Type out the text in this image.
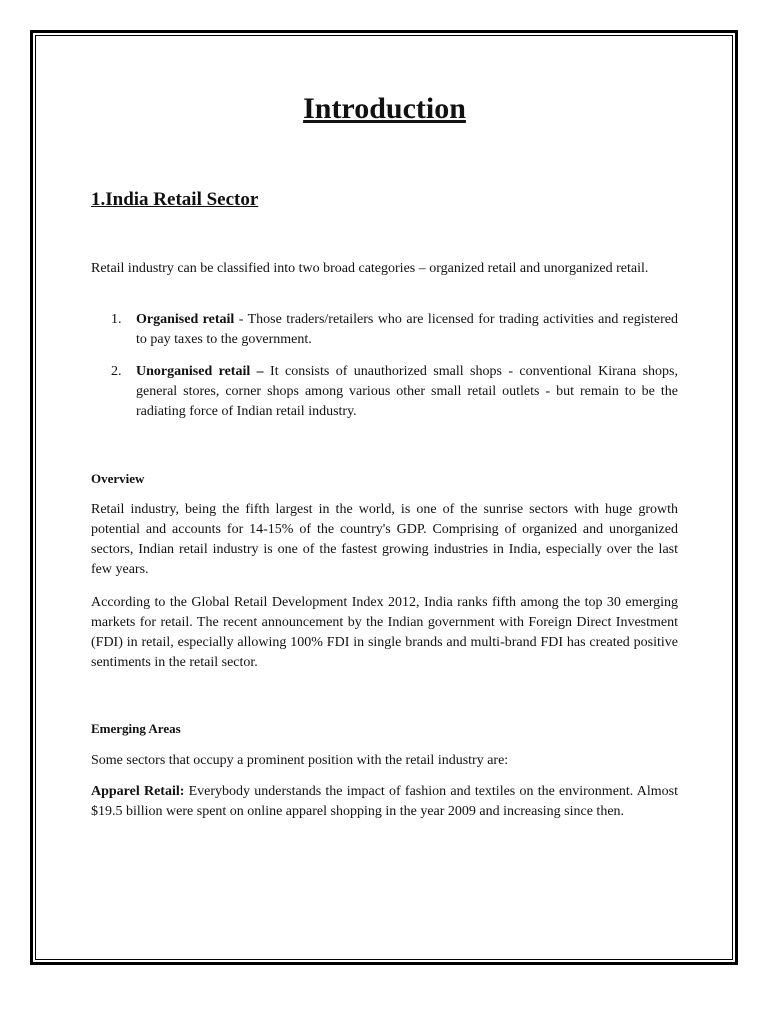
Introduction
1.India Retail Sector

Retail industry can be classified into two broad categories – organized retail and unorganized retail.

1. Organised retail - Those traders/retailers who are licensed for trading activities and registered to pay taxes to the government.

2. Unorganised retail – It consists of unauthorized small shops - conventional Kirana shops, general stores, corner shops among various other small retail outlets - but remain to be the radiating force of Indian retail industry.

Overview

Retail industry, being the fifth largest in the world, is one of the sunrise sectors with huge growth potential and accounts for 14-15% of the country's GDP. Comprising of organized and unorganized sectors, Indian retail industry is one of the fastest growing industries in India, especially over the last few years.

According to the Global Retail Development Index 2012, India ranks fifth among the top 30 emerging markets for retail. The recent announcement by the Indian government with Foreign Direct Investment (FDI) in retail, especially allowing 100% FDI in single brands and multi-brand FDI has created positive sentiments in the retail sector.

Emerging Areas

Some sectors that occupy a prominent position with the retail industry are:

Apparel Retail: Everybody understands the impact of fashion and textiles on the environment. Almost $19.5 billion were spent on online apparel shopping in the year 2009 and increasing since then.
